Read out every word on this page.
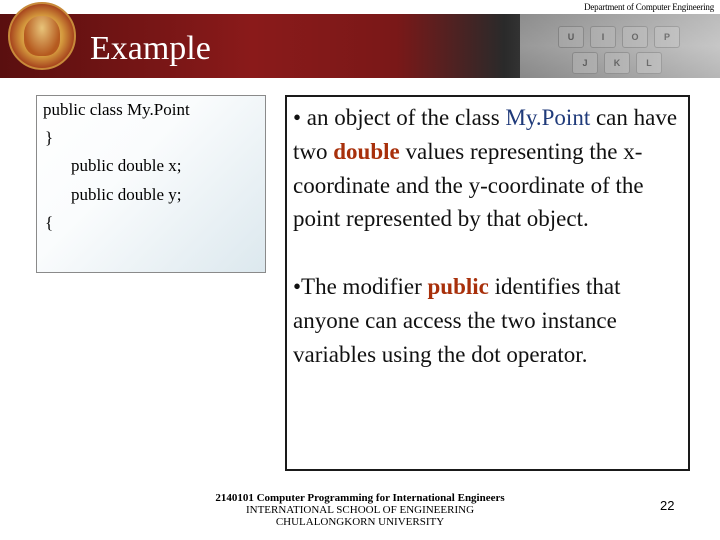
U	I	O	P
J	K	L
Department of Computer Engineering
Example
public class My.Point
}
public double x;
public double y;
{

• an object of the class My.Point can have two double values representing the x-coordinate and the y-coordinate of the point represented by that object.

•The modifier public identifies that anyone can access the two instance variables using the dot operator.

2140101 Computer Programming for International Engineers
INTERNATIONAL SCHOOL OF ENGINEERING
CHULALONGKORN UNIVERSITY
22
